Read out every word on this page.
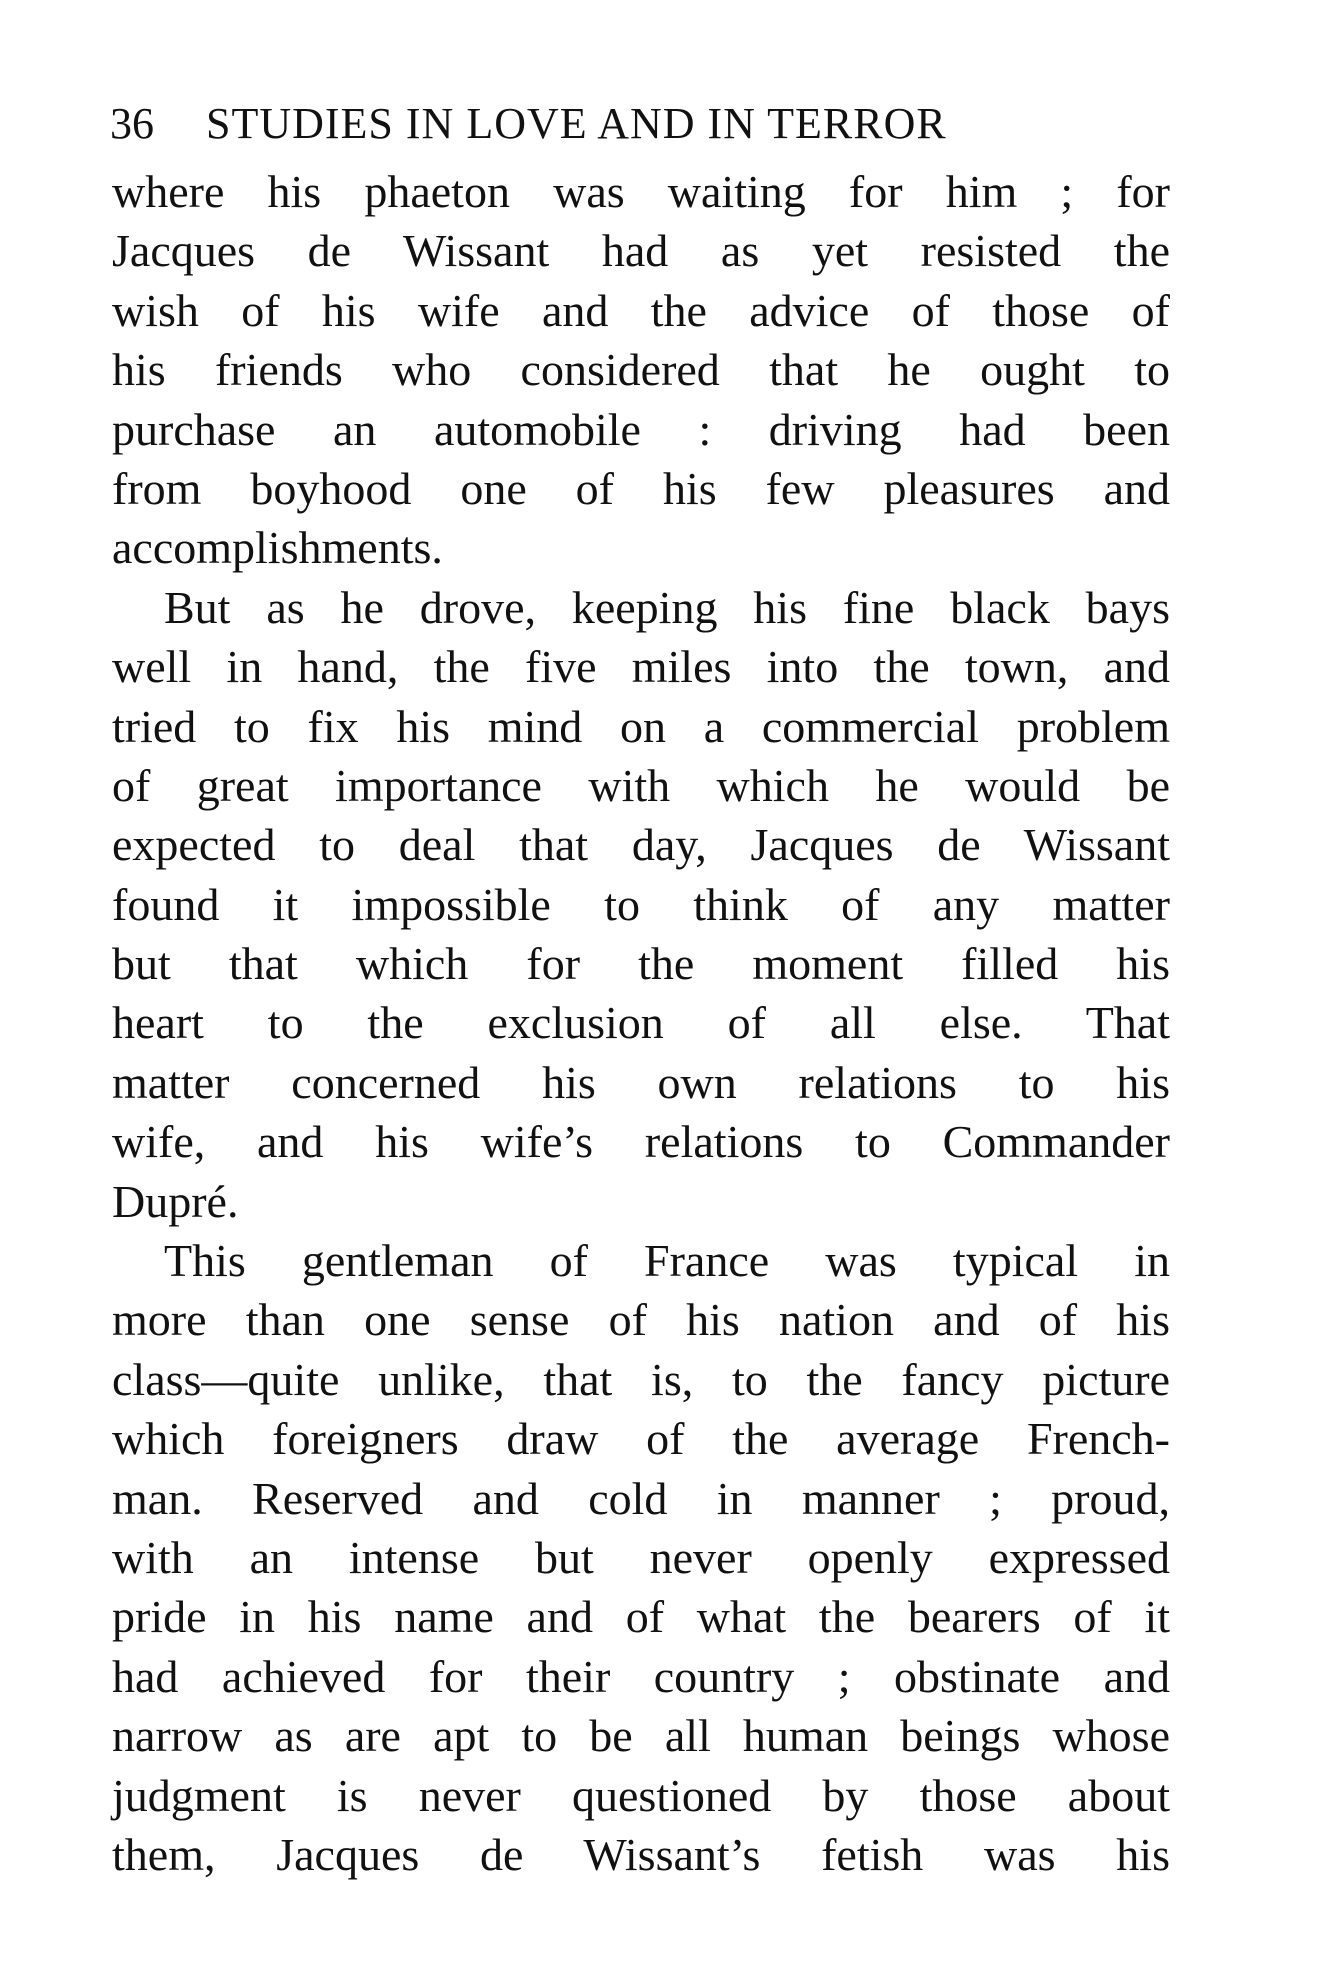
36 STUDIES IN LOVE AND IN TERROR
where his phaeton was waiting for him ; for
Jacques de Wissant had as yet resisted the
wish of his wife and the advice of those of
his friends who considered that he ought to
purchase an automobile : driving had been
from boyhood one of his few pleasures and
accomplishments.
But as he drove, keeping his fine black bays
well in hand, the five miles into the town, and
tried to fix his mind on a commercial problem
of great importance with which he would be
expected to deal that day, Jacques de Wissant
found it impossible to think of any matter
but that which for the moment filled his
heart to the exclusion of all else. That
matter concerned his own relations to his
wife, and his wife’s relations to Commander
Dupré.
This gentleman of France was typical in
more than one sense of his nation and of his
class—quite unlike, that is, to the fancy picture
which foreigners draw of the average French-
man. Reserved and cold in manner ; proud,
with an intense but never openly expressed
pride in his name and of what the bearers of it
had achieved for their country ; obstinate and
narrow as are apt to be all human beings whose
judgment is never questioned by those about
them, Jacques de Wissant’s fetish was his
